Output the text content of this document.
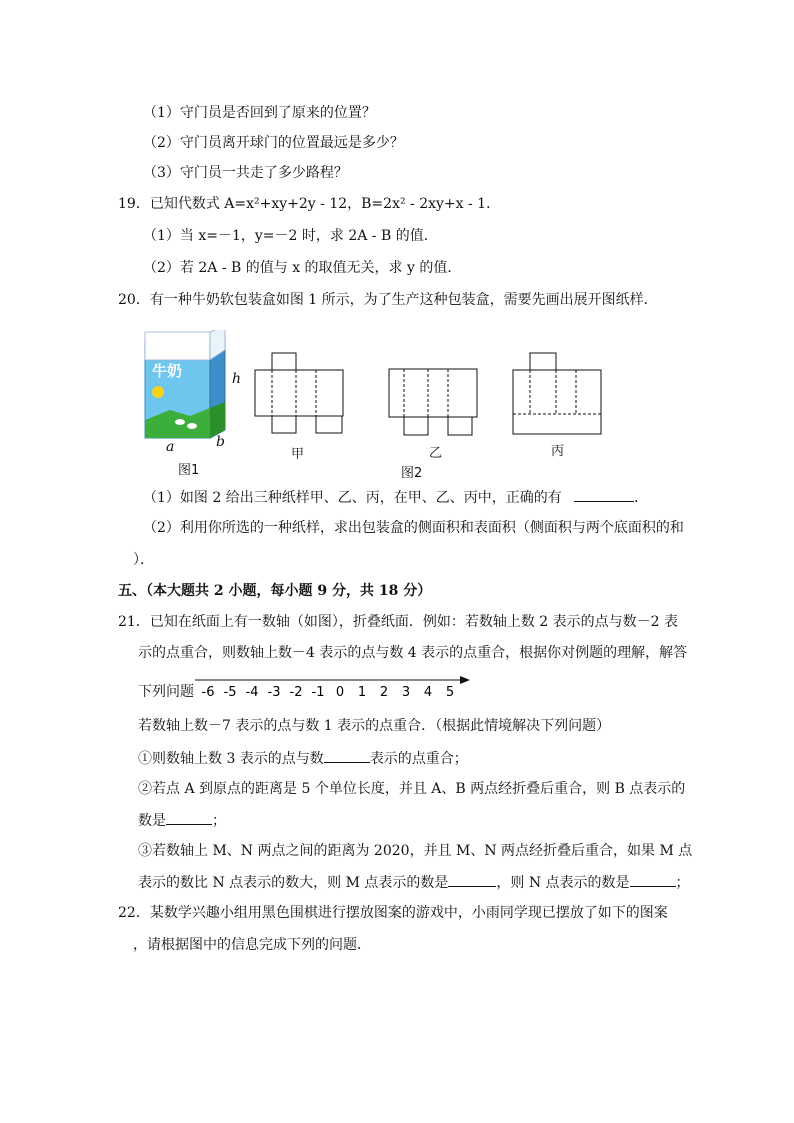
（1）守门员是否回到了原来的位置？
（2）守门员离开球门的位置最远是多少？
（3）守门员一共走了多少路程？
19．已知代数式 A=x²+xy+2y - 12，B=2x² - 2xy+x - 1．
（1）当 x=－1，y=－2 时，求 2A - B 的值．
（2）若 2A - B 的值与 x 的取值无关，求 y 的值．
20．有一种牛奶软包装盒如图 1 所示，为了生产这种包装盒，需要先画出展开图纸样．
牛奶	h
a	b
图1
甲	乙
图2
丙
（1）如图 2 给出三种纸样甲、乙、丙，在甲、乙、丙中，正确的有	．
（2）利用你所选的一种纸样，求出包装盒的侧面积和表面积（侧面积与两个底面积的和
）．
五、（本大题共 2 小题，每小题 9 分，共 18 分）
21．已知在纸面上有一数轴（如图），折叠纸面．例如：若数轴上数 2 表示的点与数－2 表
示的点重合，则数轴上数－4 表示的点与数 4 表示的点重合，根据你对例题的理解，解答
下列问题 -6 -5 -4 -3 -2 -1 0 1 2 3 4 5
若数轴上数－7 表示的点与数 1 表示的点重合．（根据此情境解决下列问题）
①则数轴上数 3 表示的点与数	表示的点重合；
②若点 A 到原点的距离是 5 个单位长度，并且 A、B 两点经折叠后重合，则 B 点表示的
数是	；
③若数轴上 M、N 两点之间的距离为 2020，并且 M、N 两点经折叠后重合，如果 M 点
表示的数比 N 点表示的数大，则 M 点表示的数是	，则 N 点表示的数是	；
22．某数学兴趣小组用黑色围棋进行摆放图案的游戏中，小雨同学现已摆放了如下的图案
，请根据图中的信息完成下列的问题．
